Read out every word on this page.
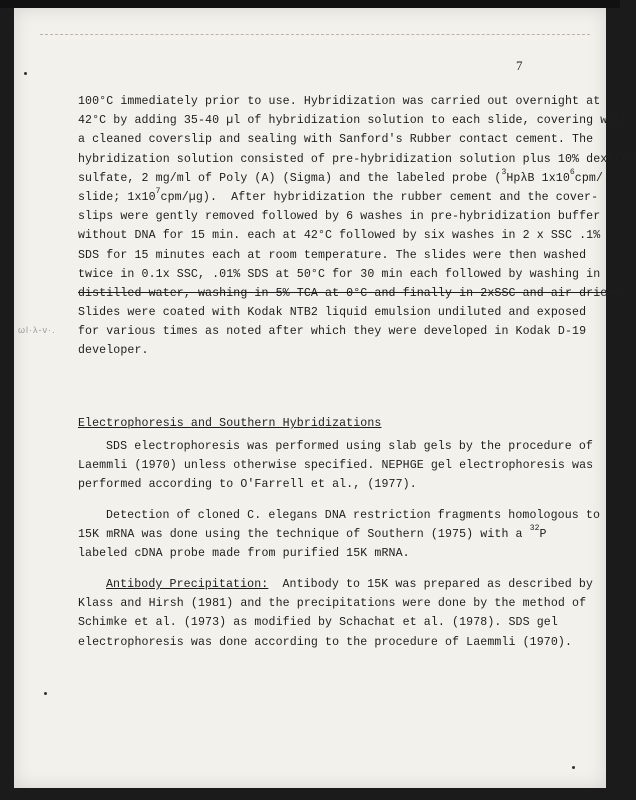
7
ωl·λ-ν·.
100°C immediately prior to use. Hybridization was carried out overnight at
42°C by adding 35-40 µl of hybridization solution to each slide, covering with
a cleaned coverslip and sealing with Sanford's Rubber contact cement. The
hybridization solution consisted of pre-hybridization solution plus 10% dextran
sulfate, 2 mg/ml of Poly (A) (Sigma) and the labeled probe ($^3$HpλB $1x10^6cpm/$
slide; $1x10^7cpm/\mu g$). After hybridization the rubber cement and the cover-
slips were gently removed followed by 6 washes in pre-hybridization buffer
without DNA for 15 min. each at 42°C followed by six washes in 2 x SSC .1%
SDS for 15 minutes each at room temperature. The slides were then washed
twice in 0.1x SSC, .01% SDS at 50°C for 30 min each followed by washing in
distilled water, washing in 5% TCA at 0°C and finally in 2xSSC and air dried.
Slides were coated with Kodak NTB2 liquid emulsion undiluted and exposed
for various times as noted after which they were developed in Kodak D-19
developer.
Electrophoresis and Southern Hybridizations
SDS electrophoresis was performed using slab gels by the procedure of
Laemmli (1970) unless otherwise specified. NEPHGE gel electrophoresis was
performed according to O'Farrell et al., (1977).
Detection of cloned C. elegans DNA restriction fragments homologous to
15K mRNA was done using the technique of Southern (1975) with a $^{32}$P
labeled cDNA probe made from purified 15K mRNA.
Antibody Precipitation: Antibody to 15K was prepared as described by
Klass and Hirsh (1981) and the precipitations were done by the method of
Schimke et al. (1973) as modified by Schachat et al. (1978). SDS gel
electrophoresis was done according to the procedure of Laemmli (1970).
